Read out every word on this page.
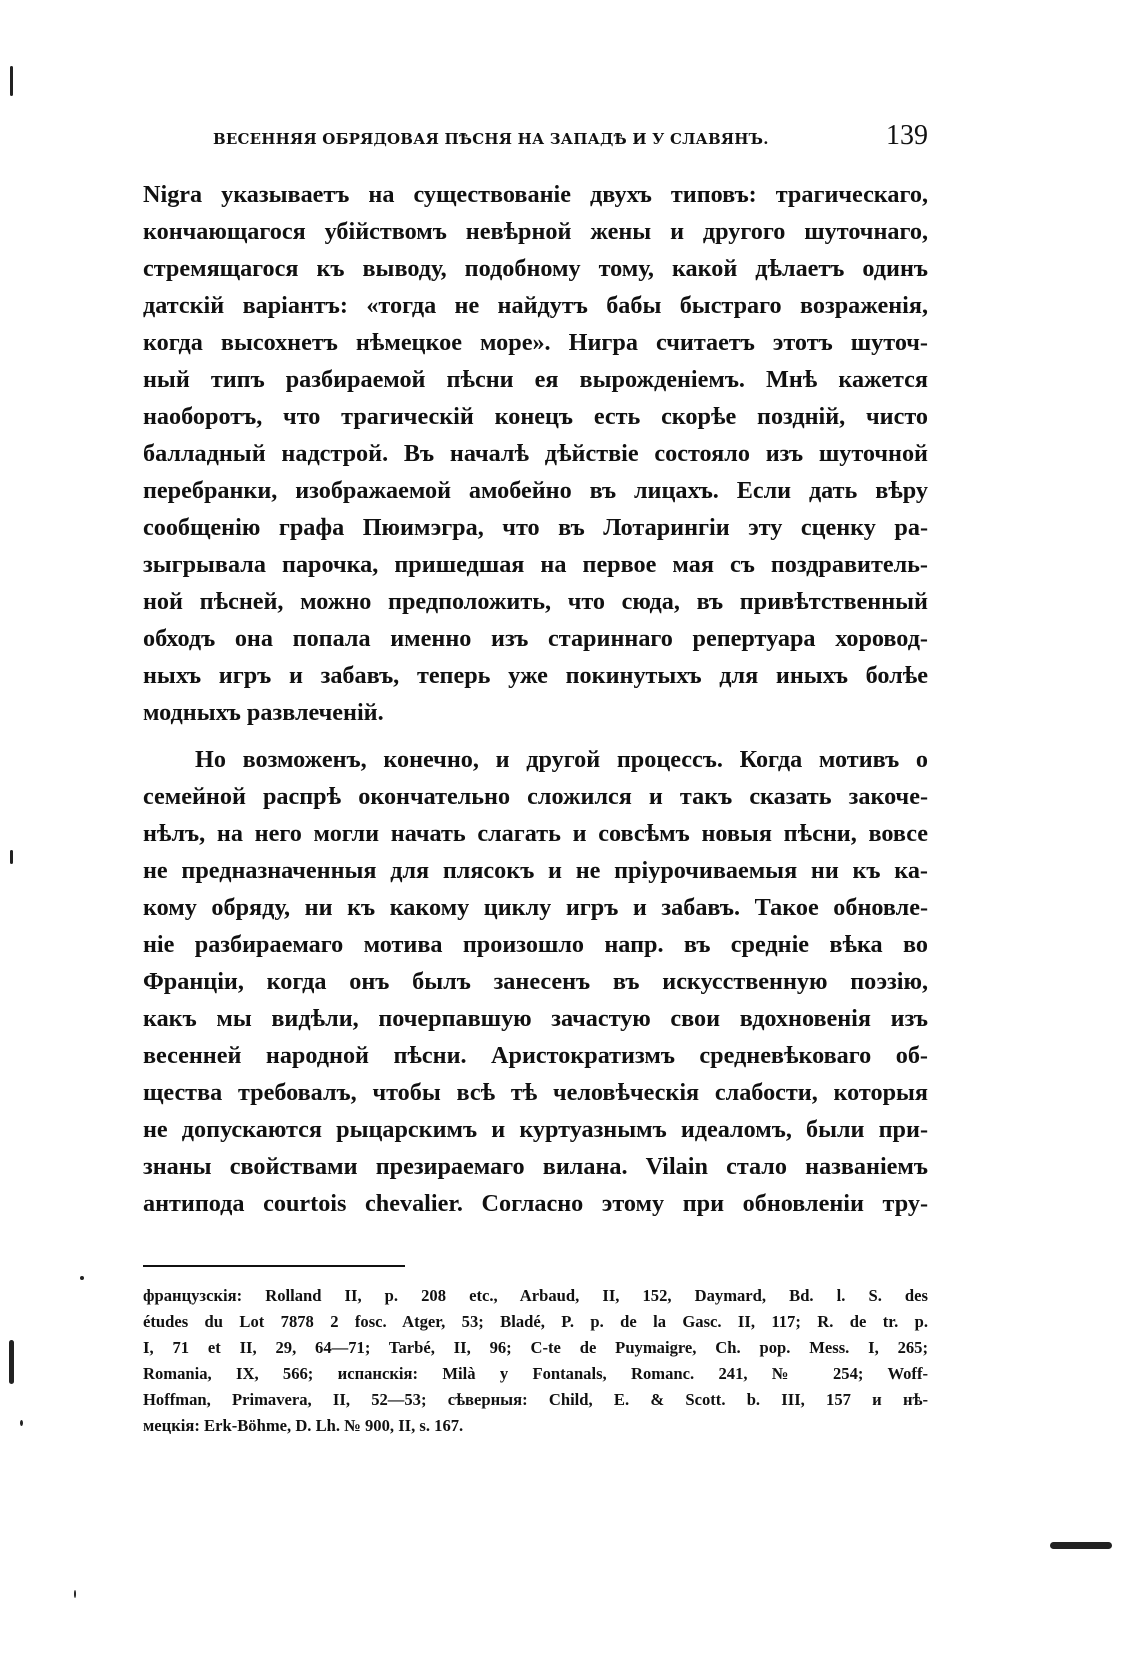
ВЕСЕННЯЯ ОБРЯДОВАЯ ПѢСНЯ НА ЗАПАДѢ И У СЛАВЯНЪ.	139
Nigra указываетъ на существованіе двухъ типовъ: трагическаго,
кончающагося убійствомъ невѣрной жены и другого шуточнаго,
стремящагося къ выводу, подобному тому, какой дѣлаетъ одинъ
датскій варіантъ: «тогда не найдутъ бабы быстраго возраженія,
когда высохнетъ нѣмецкое море». Нигра считаетъ этотъ шуточ-
ный типъ разбираемой пѣсни ея вырожденіемъ. Мнѣ кажется
наоборотъ, что трагическій конецъ есть скорѣе поздній, чисто
балладный надстрой. Въ началѣ дѣйствіе состояло изъ шуточной
перебранки, изображаемой амобейно въ лицахъ. Если дать вѣру
сообщенію графа Пюимэгра, что въ Лотарингіи эту сценку ра-
зыгрывала парочка, пришедшая на первое мая съ поздравитель-
ной пѣсней, можно предположить, что сюда, въ привѣтственный
обходъ она попала именно изъ стариннаго репертуара хоровод-
ныхъ игръ и забавъ, теперь уже покинутыхъ для иныхъ болѣе
модныхъ развлеченій.
Но возможенъ, конечно, и другой процессъ. Когда мотивъ о
семейной распрѣ окончательно сложился и такъ сказать закоче-
нѣлъ, на него могли начать слагать и совсѣмъ новыя пѣсни, вовсе
не предназначенныя для плясокъ и не пріурочиваемыя ни къ ка-
кому обряду, ни къ какому циклу игръ и забавъ. Такое обновле-
ніе разбираемаго мотива произошло напр. въ средніе вѣка во
Франціи, когда онъ былъ занесенъ въ искусственную поэзію,
какъ мы видѣли, почерпавшую зачастую свои вдохновенія изъ
весенней народной пѣсни. Аристократизмъ средневѣковаго об-
щества требовалъ, чтобы всѣ тѣ человѣческія слабости, которыя
не допускаются рыцарскимъ и куртуазнымъ идеаломъ, были при-
знаны свойствами презираемаго вилана. Vilain стало названіемъ
антипода courtois chevalier. Согласно этому при обновленіи тру-
французскія: Rolland II, p. 208 etc., Arbaud, II, 152, Daymard, Bd. l. S. des
études du Lot 7878 2 fosc. Atger, 53; Bladé, P. p. de la Gasc. II, 117; R. de tr. p.
I, 71 et II, 29, 64—71; Tarbé, II, 96; C-te de Puymaigre, Ch. pop. Mess. I, 265;
Romania, IX, 566; испанскія: Milà y Fontanals, Romanc. 241, № 254; Woff-
Hoffman, Primavera, II, 52—53; сѣверныя: Child, E. & Scott. b. III, 157 и нѣ-
мецкія: Erk-Böhme, D. Lh. № 900, II, s. 167.
